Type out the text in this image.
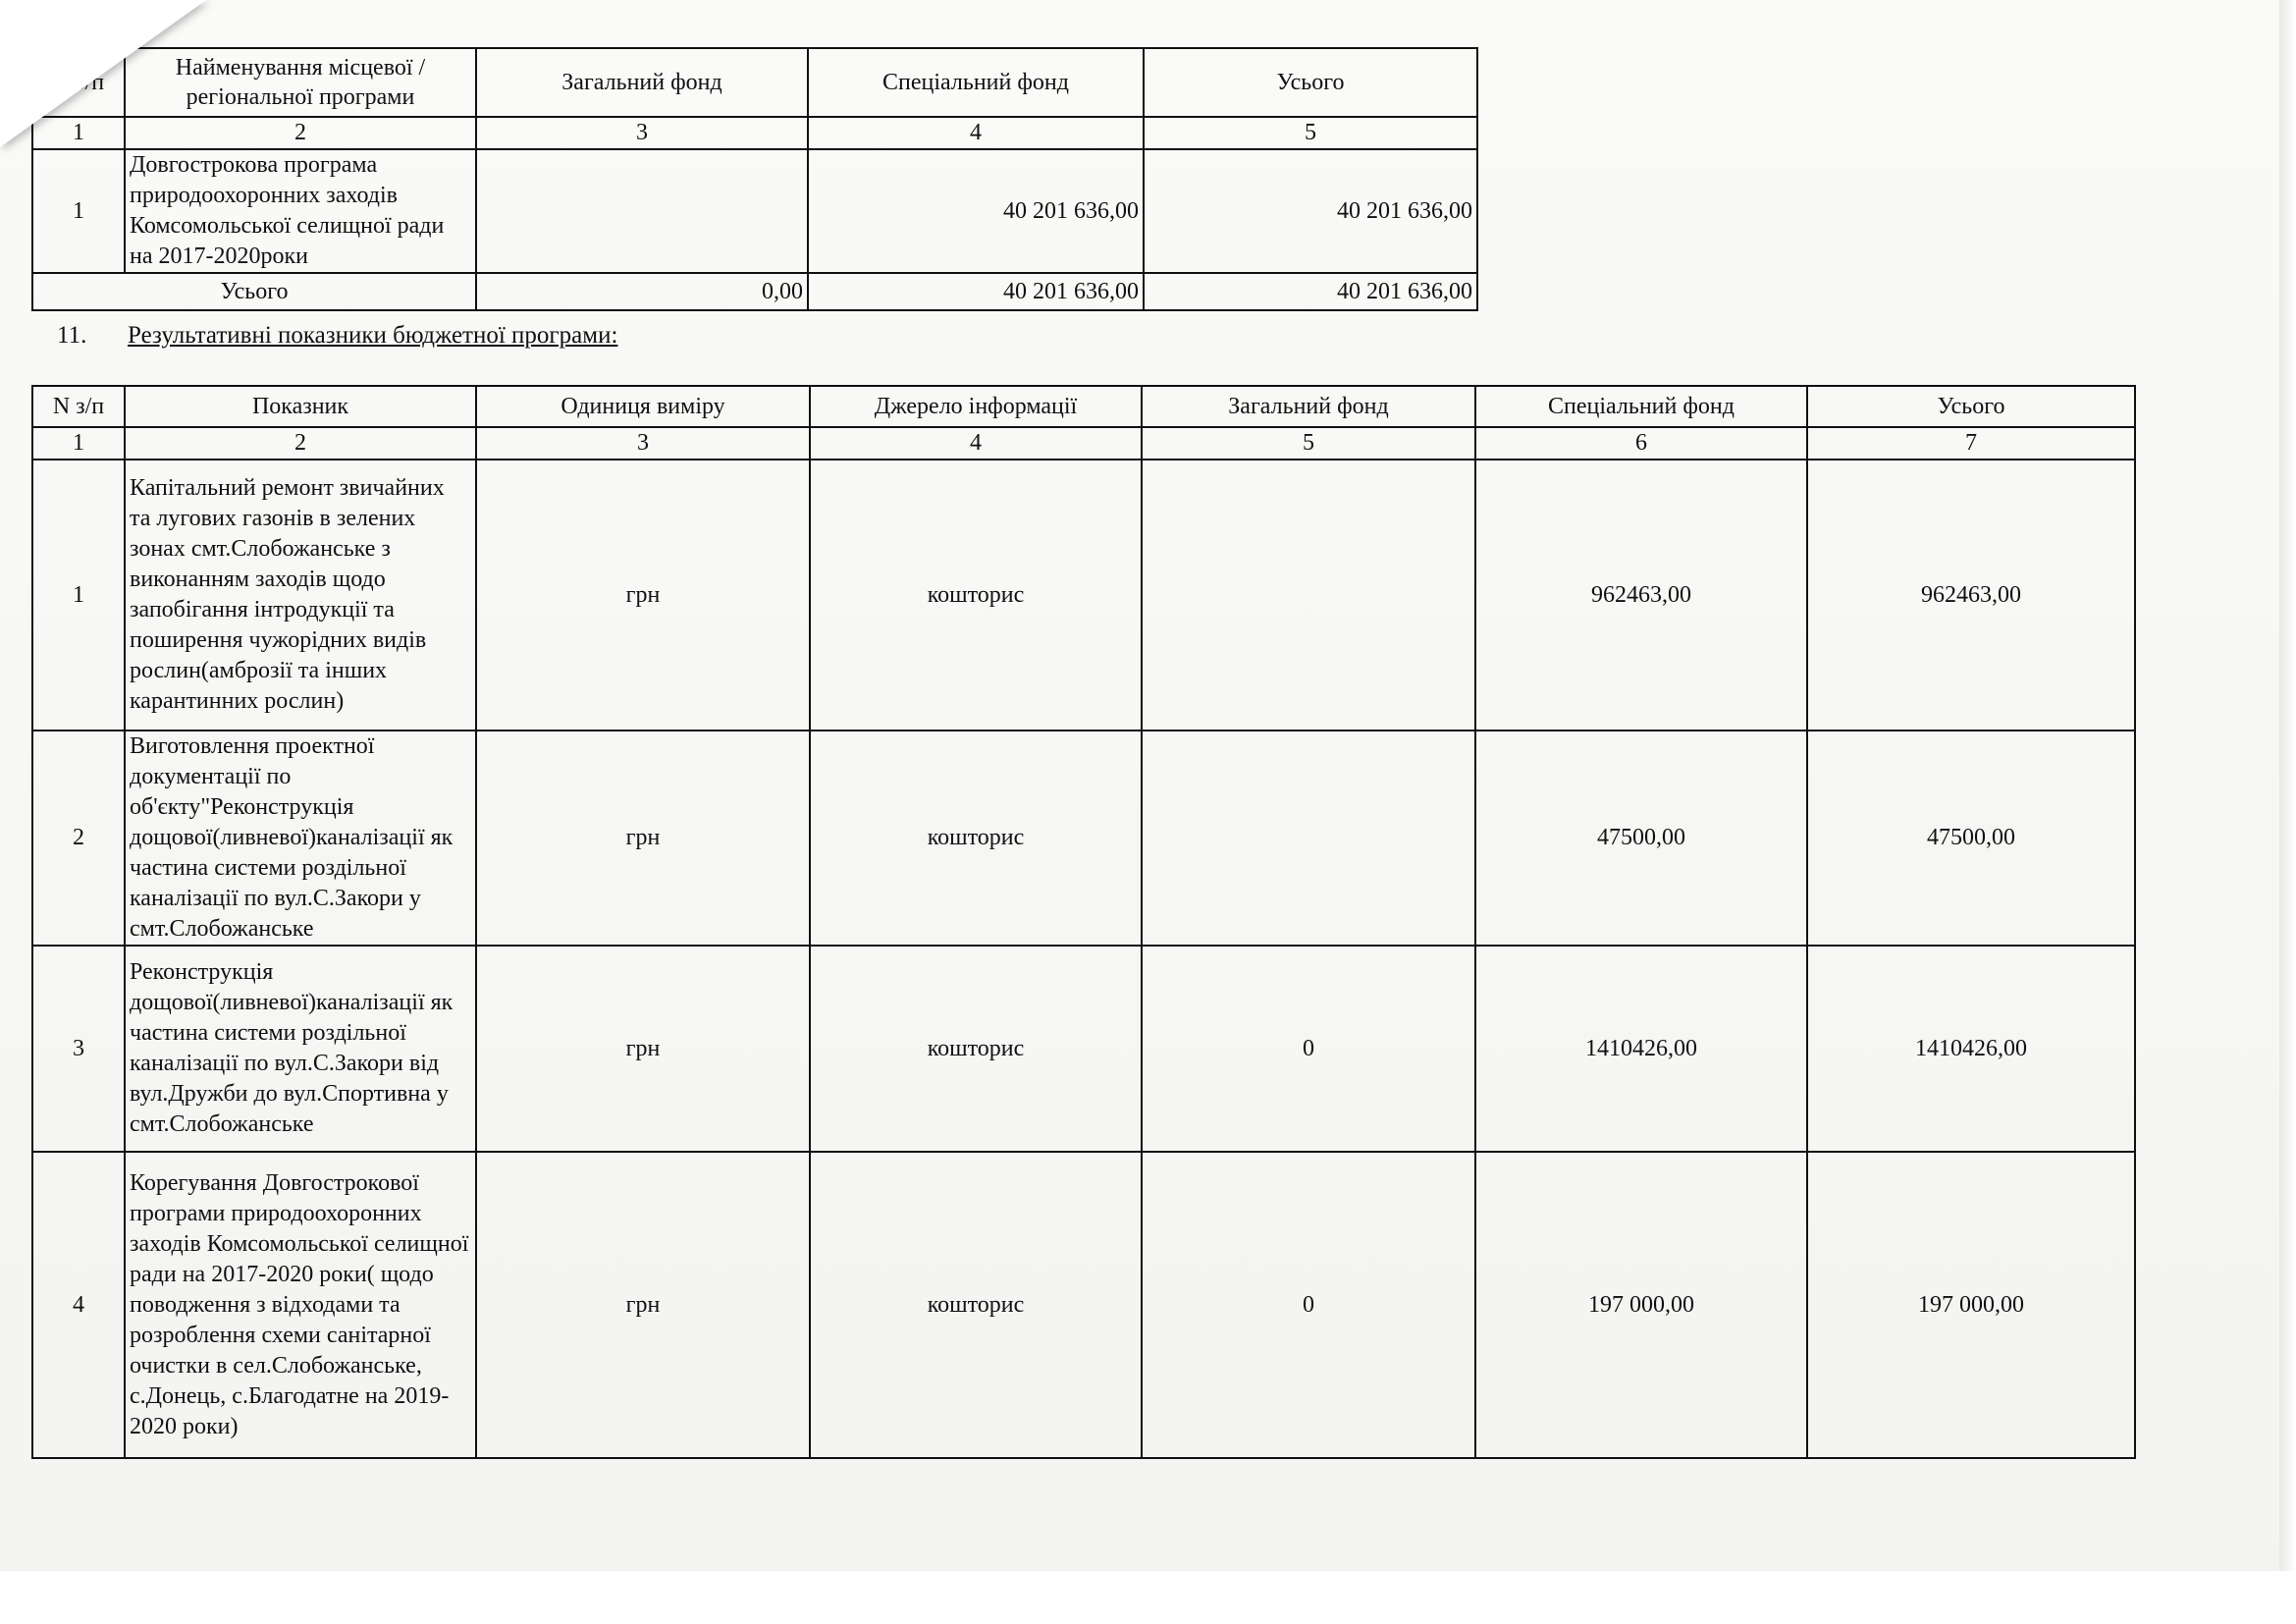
N з/п	Найменування місцевої / регіональної програми	Загальний фонд	Спеціальний фонд	Усього
1	2	3	4	5
1	Довгострокова програма природоохоронних заходів Комсомольської селищної ради на 2017-2020роки		40 201 636,00	40 201 636,00
Усього		0,00	40 201 636,00	40 201 636,00
11. Результативні показники бюджетної програми:
N з/п	Показник	Одиниця виміру	Джерело інформації	Загальний фонд	Спеціальний фонд	Усього
1	2	3	4	5	6	7
1	Капітальний ремонт звичайних та лугових газонів в зелених зонах смт.Слобожанське з виконанням заходів щодо запобігання інтродукції та поширення чужорідних видів рослин(амброзії та інших карантинних рослин)	грн	кошторис		962463,00	962463,00
2	Виготовлення проектної документації по об'єкту"Реконструкція дощової(ливневої)каналізації як частина системи роздільної каналізації по вул.С.Закори у смт.Слобожанське	грн	кошторис		47500,00	47500,00
3	Реконструкція дощової(ливневої)каналізації як частина системи роздільної каналізації по вул.С.Закори від вул.Дружби до вул.Спортивна у смт.Слобожанське	грн	кошторис	0	1410426,00	1410426,00
4	Корегування Довгострокової програми природоохоронних заходів Комсомольської селищної ради на 2017-2020 роки( щодо поводження з відходами та розроблення схеми санітарної очистки в сел.Слобожанське, с.Донець, с.Благодатне на 2019-2020 роки)	грн	кошторис	0	197 000,00	197 000,00
